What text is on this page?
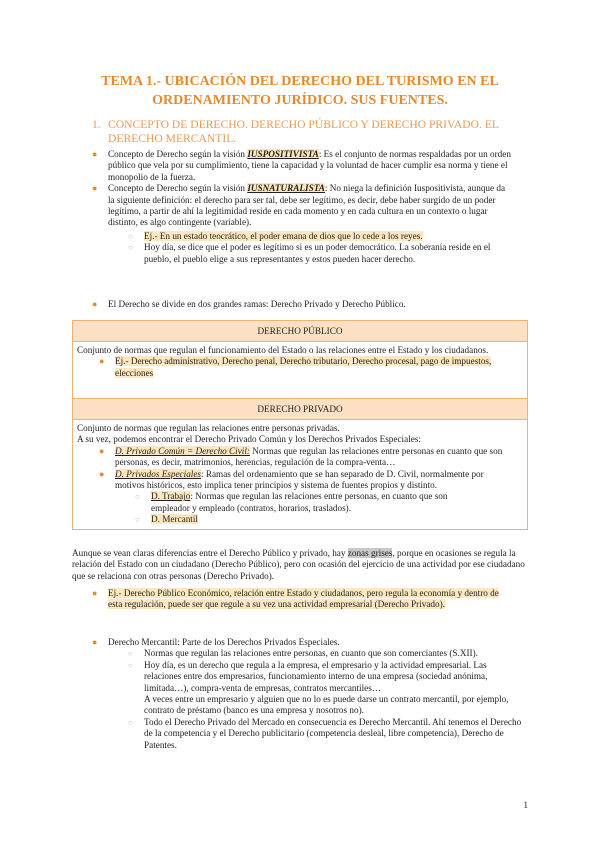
TEMA 1.- UBICACIÓN DEL DERECHO DEL TURISMO EN EL
ORDENAMIENTO JURÍDICO. SUS FUENTES.
1. CONCEPTO DE DERECHO. DERECHO PÚBLICO Y DERECHO PRIVADO. EL DERECHO MERCANTIL.
● Concepto de Derecho según la visión IUSPOSITIVISTA: Es el conjunto de normas respaldadas por un orden público que vela por su cumplimiento, tiene la capacidad y la voluntad de hacer cumplir esa norma y tiene el monopolio de la fuerza.
● Concepto de Derecho según la visión IUSNATURALISTA: No niega la definición Iuspositivista, aunque da la siguiente definición: el derecho para ser tal, debe ser legítimo, es decir, debe haber surgido de un poder legítimo, a partir de ahí la legitimidad reside en cada momento y en cada cultura en un contexto o lugar distinto, es algo contingente (variable).
○ Ej.- En un estado teocrático, el poder emana de dios que lo cede a los reyes.
○ Hoy día, se dice que el poder es legítimo si es un poder democrático. La soberanía reside en el pueblo, el pueblo elige a sus representantes y estos pueden hacer derecho.
● El Derecho se divide en dos grandes ramas: Derecho Privado y Derecho Público.
DERECHO PÚBLICO
Conjunto de normas que regulan el funcionamiento del Estado o las relaciones entre el Estado y los ciudadanos.
● Ej.- Derecho administrativo, Derecho penal, Derecho tributario, Derecho procesal, pago de impuestos, elecciones
DERECHO PRIVADO
Conjunto de normas que regulan las relaciones entre personas privadas.
A su vez, podemos encontrar el Derecho Privado Común y los Derechos Privados Especiales:
● D. Privado Común = Derecho Civil: Normas que regulan las relaciones entre personas en cuanto que son personas, es decir, matrimonios, herencias, regulación de la compra-venta…
● D. Privados Especiales: Ramas del ordenamiento que se han separado de D. Civil, normalmente por motivos históricos, esto implica tener principios y sistema de fuentes propios y distinto.
○ D. Trabajo: Normas que regulan las relaciones entre personas, en cuanto que son empleador y empleado (contratos, horarios, traslados).
○ D. Mercantil
Aunque se vean claras diferencias entre el Derecho Público y privado, hay zonas grises, porque en ocasiones se regula la relación del Estado con un ciudadano (Derecho Público), pero con ocasión del ejercicio de una actividad por ese ciudadano que se relaciona con otras personas (Derecho Privado).
● Ej.- Derecho Público Económico, relación entre Estado y ciudadanos, pero regula la economía y dentro de esta regulación, puede ser que regule a su vez una actividad empresarial (Derecho Privado).
● Derecho Mercantil: Parte de los Derechos Privados Especiales.
○ Normas que regulan las relaciones entre personas, en cuanto que son comerciantes (S.XII).
○ Hoy día, es un derecho que regula a la empresa, el empresario y la actividad empresarial. Las relaciones entre dos empresarios, funcionamiento interno de una empresa (sociedad anónima, limitada…), compra-venta de empresas, contratos mercantiles…
A veces entre un empresario y alguien que no lo es puede darse un contrato mercantil, por ejemplo, contrato de préstamo (banco es una empresa y nosotros no).
○ Todo el Derecho Privado del Mercado en consecuencia es Derecho Mercantil. Ahí tenemos el Derecho de la competencia y el Derecho publicitario (competencia desleal, libre competencia), Derecho de Patentes.
1
